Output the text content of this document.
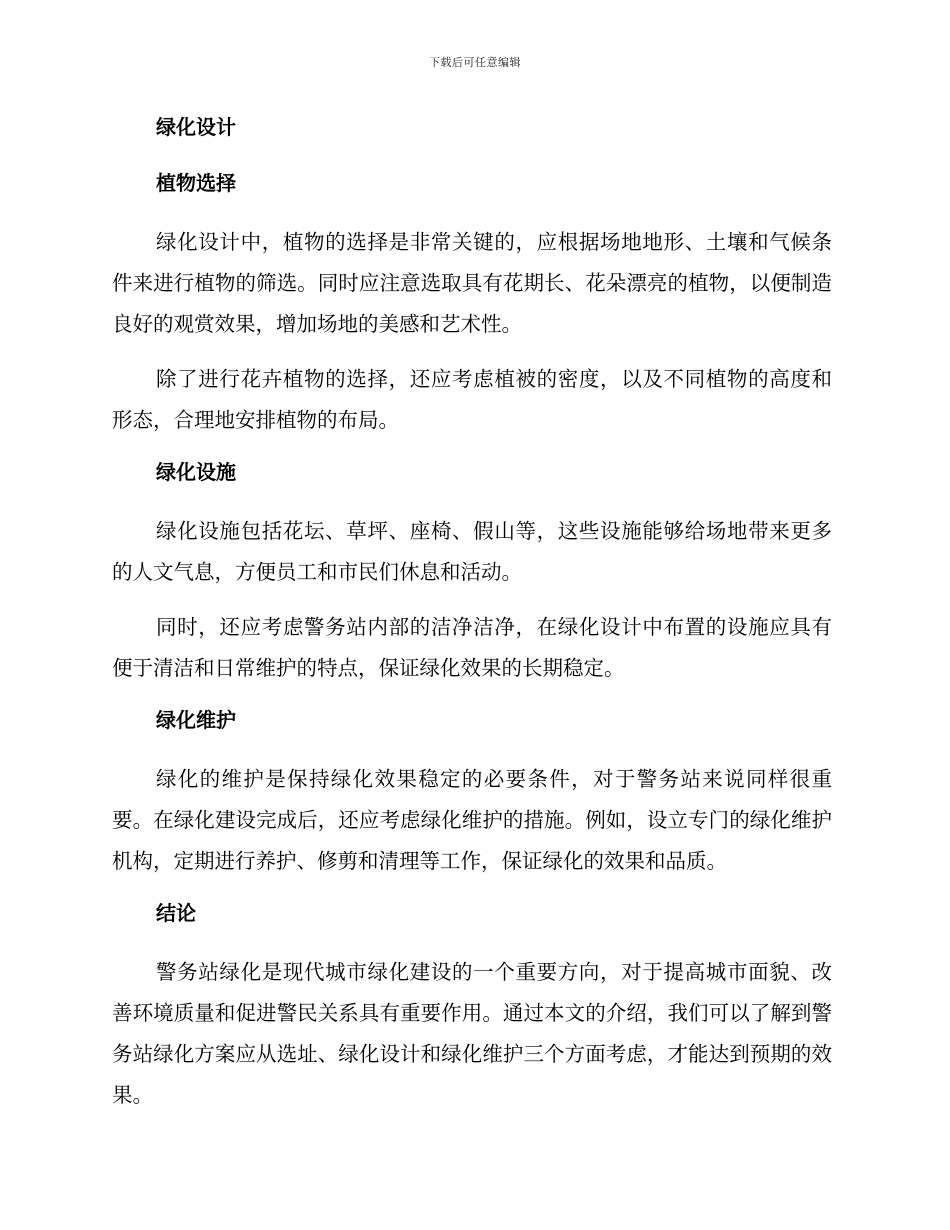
下载后可任意编辑
绿化设计
植物选择

绿化设计中，植物的选择是非常关键的，应根据场地地形、土壤和气候条件来进行植物的筛选。同时应注意选取具有花期长、花朵漂亮的植物，以便制造良好的观赏效果，增加场地的美感和艺术性。

除了进行花卉植物的选择，还应考虑植被的密度，以及不同植物的高度和形态，合理地安排植物的布局。

绿化设施

绿化设施包括花坛、草坪、座椅、假山等，这些设施能够给场地带来更多的人文气息，方便员工和市民们休息和活动。

同时，还应考虑警务站内部的洁净洁净，在绿化设计中布置的设施应具有便于清洁和日常维护的特点，保证绿化效果的长期稳定。

绿化维护

绿化的维护是保持绿化效果稳定的必要条件，对于警务站来说同样很重要。在绿化建设完成后，还应考虑绿化维护的措施。例如，设立专门的绿化维护机构，定期进行养护、修剪和清理等工作，保证绿化的效果和品质。

结论

警务站绿化是现代城市绿化建设的一个重要方向，对于提高城市面貌、改善环境质量和促进警民关系具有重要作用。通过本文的介绍，我们可以了解到警务站绿化方案应从选址、绿化设计和绿化维护三个方面考虑，才能达到预期的效果。
